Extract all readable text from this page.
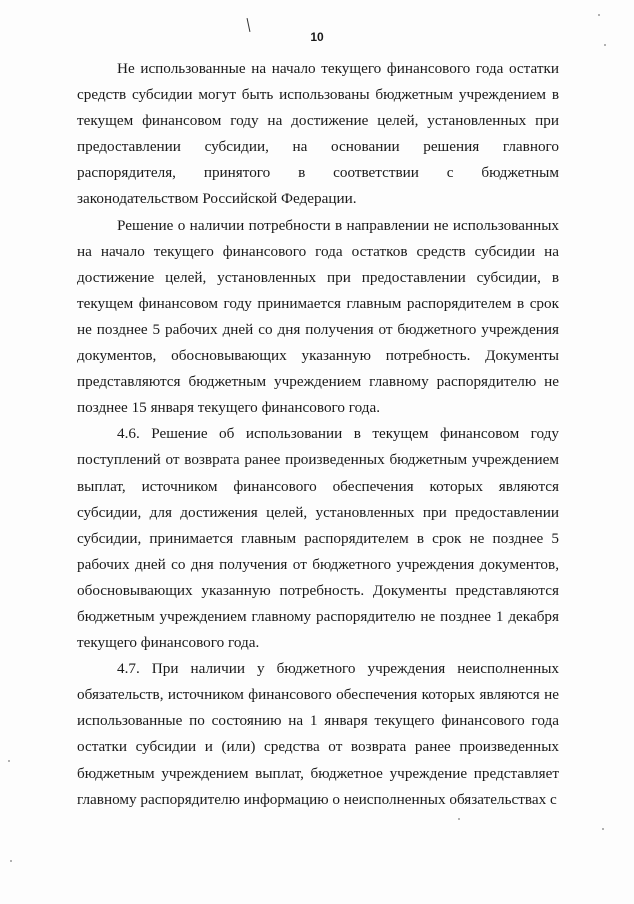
10

Не использованные на начало текущего финансового года остатки средств субсидии могут быть использованы бюджетным учреждением в текущем финансовом году на достижение целей, установленных при предоставлении субсидии, на основании решения главного распорядителя, принятого в соответствии с бюджетным законодательством Российской Федерации.

Решение о наличии потребности в направлении не использованных на начало текущего финансового года остатков средств субсидии на достижение целей, установленных при предоставлении субсидии, в текущем финансовом году принимается главным распорядителем в срок не позднее 5 рабочих дней со дня получения от бюджетного учреждения документов, обосновывающих указанную потребность. Документы представляются бюджетным учреждением главному распорядителю не позднее 15 января текущего финансового года.

4.6. Решение об использовании в текущем финансовом году поступлений от возврата ранее произведенных бюджетным учреждением выплат, источником финансового обеспечения которых являются субсидии, для достижения целей, установленных при предоставлении субсидии, принимается главным распорядителем в срок не позднее 5 рабочих дней со дня получения от бюджетного учреждения документов, обосновывающих указанную потребность. Документы представляются бюджетным учреждением главному распорядителю не позднее 1 декабря текущего финансового года.

4.7. При наличии у бюджетного учреждения неисполненных обязательств, источником финансового обеспечения которых являются не использованные по состоянию на 1 января текущего финансового года остатки субсидии и (или) средства от возврата ранее произведенных бюджетным учреждением выплат, бюджетное учреждение представляет главному распорядителю информацию о неисполненных обязательствах с
